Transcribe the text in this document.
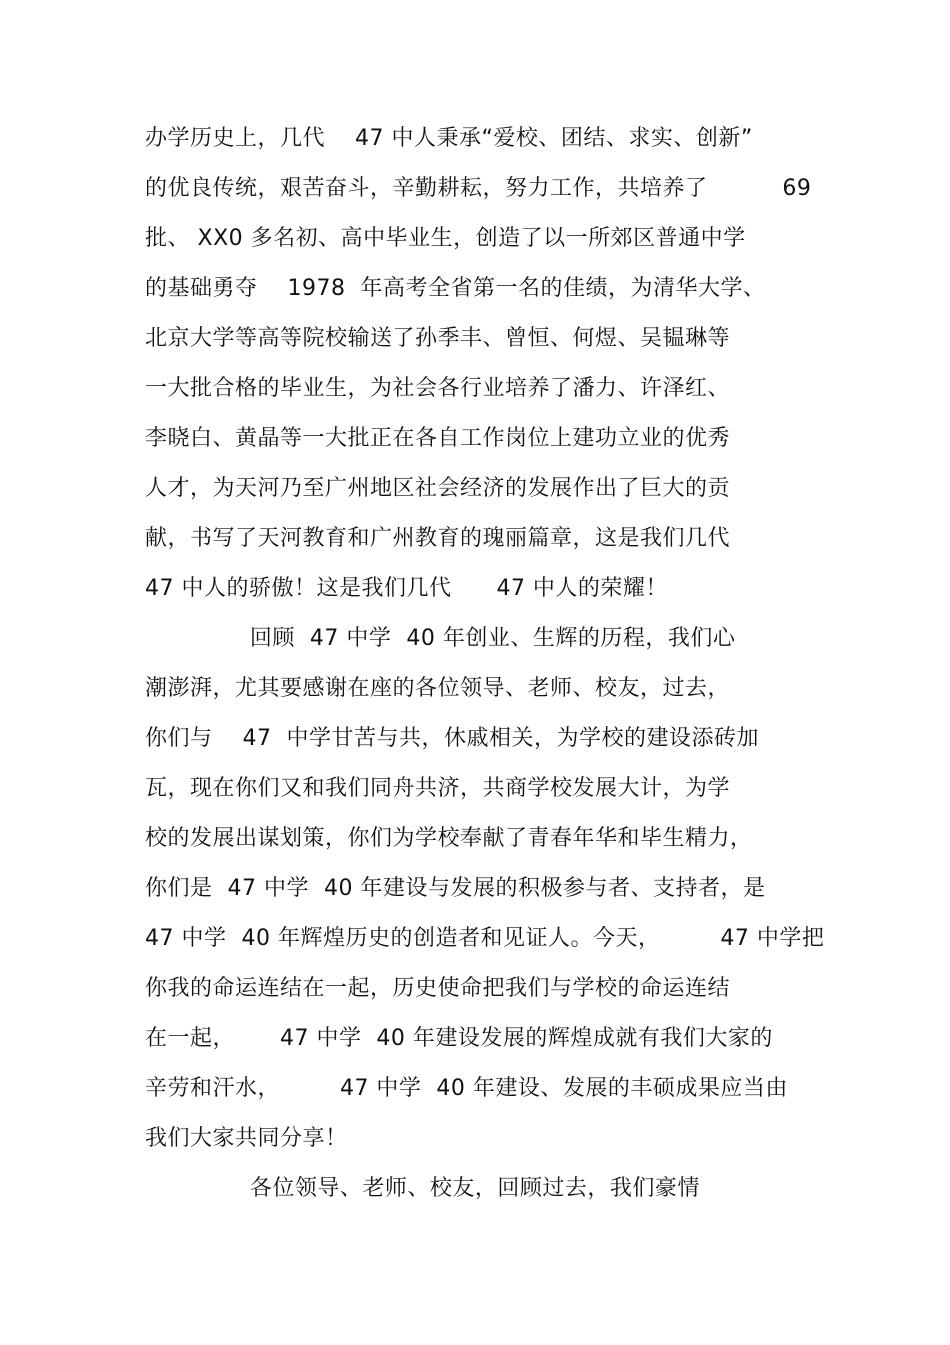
办学历史上，几代    47 中人秉承“爱校、团结、求实、创新”
的优良传统，艰苦奋斗，辛勤耕耘，努力工作，共培养了          69
批、 XX0 多名初、高中毕业生，创造了以一所郊区普通中学
的基础勇夺    1978  年高考全省第一名的佳绩，为清华大学、
北京大学等高等院校输送了孙季丰、曾恒、何煜、吴韫琳等
一大批合格的毕业生，为社会各行业培养了潘力、许泽红、
李晓白、黄晶等一大批正在各自工作岗位上建功立业的优秀
人才，为天河乃至广州地区社会经济的发展作出了巨大的贡
献，书写了天河教育和广州教育的瑰丽篇章，这是我们几代
47 中人的骄傲！这是我们几代      47 中人的荣耀！
回顾  47 中学  40 年创业、生辉的历程，我们心
潮澎湃，尤其要感谢在座的各位领导、老师、校友，过去，
你们与    47  中学甘苦与共，休戚相关，为学校的建设添砖加
瓦，现在你们又和我们同舟共济，共商学校发展大计，为学
校的发展出谋划策，你们为学校奉献了青春年华和毕生精力，
你们是  47 中学  40 年建设与发展的积极参与者、支持者，是
47 中学  40 年辉煌历史的创造者和见证人。今天，        47 中学把
你我的命运连结在一起，历史使命把我们与学校的命运连结
在一起，      47 中学  40 年建设发展的辉煌成就有我们大家的
辛劳和汗水，        47 中学  40 年建设、发展的丰硕成果应当由
我们大家共同分享！
各位领导、老师、校友，回顾过去，我们豪情
